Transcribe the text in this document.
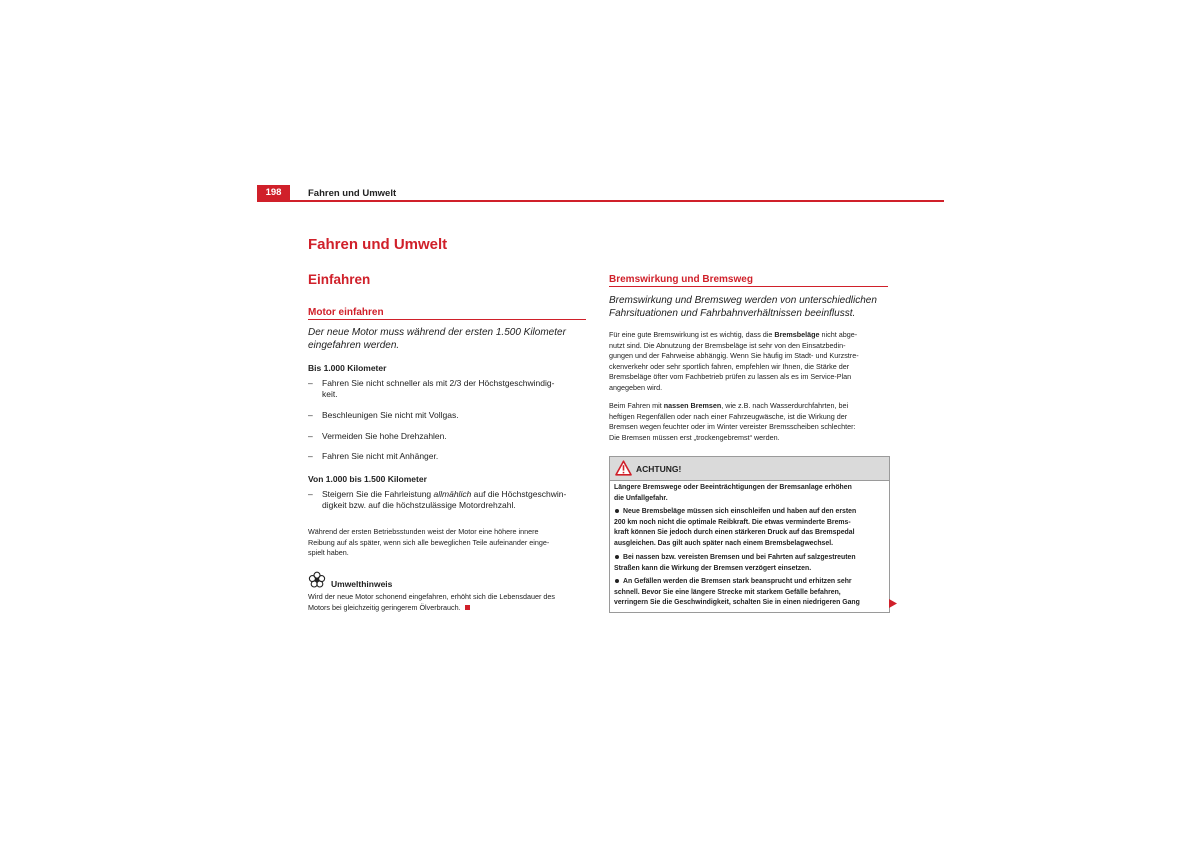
198	Fahren und Umwelt
Fahren und Umwelt
Einfahren
Motor einfahren
Der neue Motor muss während der ersten 1.500 Kilometer
eingefahren werden.
Bis 1.000 Kilometer
– Fahren Sie nicht schneller als mit 2/3 der Höchstgeschwindig-
keit.
– Beschleunigen Sie nicht mit Vollgas.
– Vermeiden Sie hohe Drehzahlen.
– Fahren Sie nicht mit Anhänger.
Von 1.000 bis 1.500 Kilometer
– Steigern Sie die Fahrleistung allmählich auf die Höchstgeschwin-
digkeit bzw. auf die höchstzulässige Motordrehzahl.
Während der ersten Betriebsstunden weist der Motor eine höhere innere
Reibung auf als später, wenn sich alle beweglichen Teile aufeinander einge-
spielt haben.
Umwelthinweis
Wird der neue Motor schonend eingefahren, erhöht sich die Lebensdauer des
Motors bei gleichzeitig geringerem Ölverbrauch.
Bremswirkung und Bremsweg
Bremswirkung und Bremsweg werden von unterschiedlichen
Fahrsituationen und Fahrbahnverhältnissen beeinflusst.
Für eine gute Bremswirkung ist es wichtig, dass die Bremsbeläge nicht abge-
nutzt sind. Die Abnutzung der Bremsbeläge ist sehr von den Einsatzbedin-
gungen und der Fahrweise abhängig. Wenn Sie häufig im Stadt- und Kurzstre-
ckenverkehr oder sehr sportlich fahren, empfehlen wir Ihnen, die Stärke der
Bremsbeläge öfter vom Fachbetrieb prüfen zu lassen als es im Service-Plan
angegeben wird.
Beim Fahren mit nassen Bremsen, wie z.B. nach Wasserdurchfahrten, bei
heftigen Regenfällen oder nach einer Fahrzeugwäsche, ist die Wirkung der
Bremsen wegen feuchter oder im Winter vereister Bremsscheiben schlechter:
Die Bremsen müssen erst „trockengebremst“ werden.
ACHTUNG!
Längere Bremswege oder Beeinträchtigungen der Bremsanlage erhöhen
die Unfallgefahr.
Neue Bremsbeläge müssen sich einschleifen und haben auf den ersten
200 km noch nicht die optimale Reibkraft. Die etwas verminderte Brems-
kraft können Sie jedoch durch einen stärkeren Druck auf das Bremspedal
ausgleichen. Das gilt auch später nach einem Bremsbelagwechsel.
Bei nassen bzw. vereisten Bremsen und bei Fahrten auf salzgestreuten
Straßen kann die Wirkung der Bremsen verzögert einsetzen.
An Gefällen werden die Bremsen stark beansprucht und erhitzen sehr
schnell. Bevor Sie eine längere Strecke mit starkem Gefälle befahren,
verringern Sie die Geschwindigkeit, schalten Sie in einen niedrigeren Gang
